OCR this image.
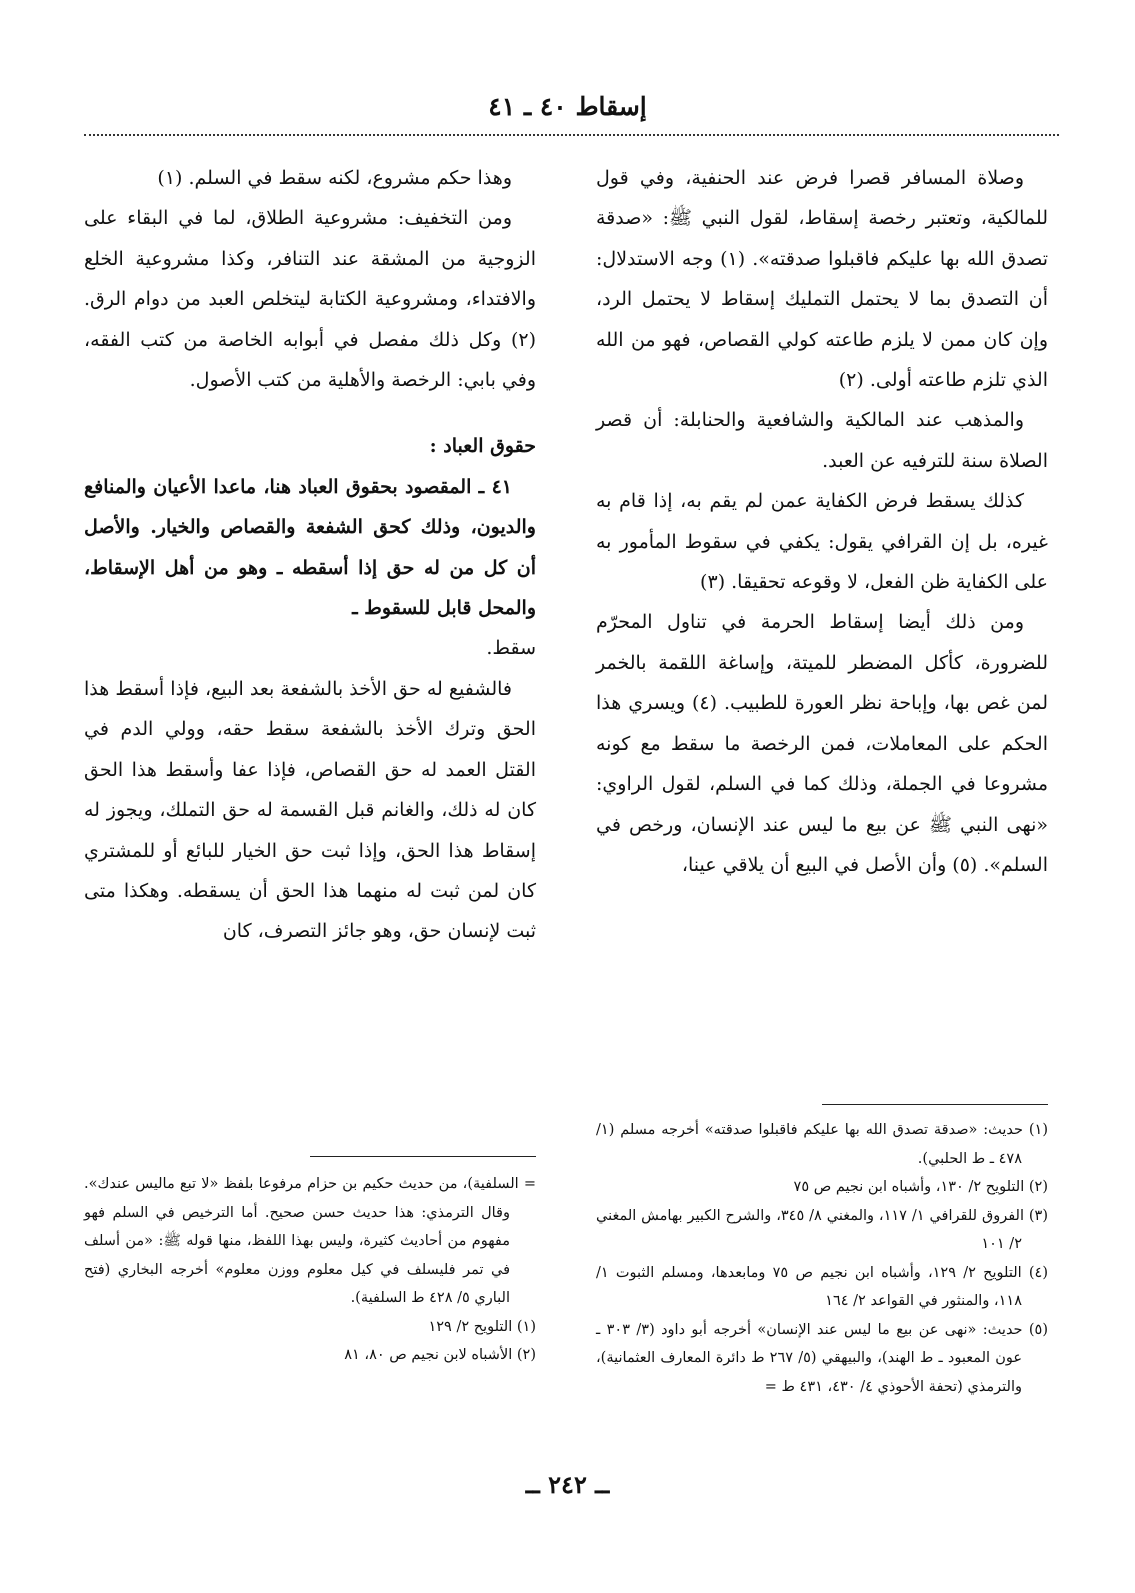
إسقاط ٤٠ ـ ٤١

وصلاة المسافر قصرا فرض عند الحنفية، وفي قول للمالكية، وتعتبر رخصة إسقاط، لقول النبي ﷺ: «صدقة تصدق الله بها عليكم فاقبلوا صدقته». (١) وجه الاستدلال: أن التصدق بما لا يحتمل التمليك إسقاط لا يحتمل الرد، وإن كان ممن لا يلزم طاعته كولي القصاص، فهو من الله الذي تلزم طاعته أولى. (٢)

والمذهب عند المالكية والشافعية والحنابلة: أن قصر الصلاة سنة للترفيه عن العبد.

كذلك يسقط فرض الكفاية عمن لم يقم به، إذا قام به غيره، بل إن القرافي يقول: يكفي في سقوط المأمور به على الكفاية ظن الفعل، لا وقوعه تحقيقا. (٣)

ومن ذلك أيضا إسقاط الحرمة في تناول المحرّم للضرورة، كأكل المضطر للميتة، وإساغة اللقمة بالخمر لمن غص بها، وإباحة نظر العورة للطبيب. (٤) ويسري هذا الحكم على المعاملات، فمن الرخصة ما سقط مع كونه مشروعا في الجملة، وذلك كما في السلم، لقول الراوي: «نهى النبي ﷺ عن بيع ما ليس عند الإنسان، ورخص في السلم». (٥) وأن الأصل في البيع أن يلاقي عينا،

وهذا حكم مشروع، لكنه سقط في السلم. (١)

ومن التخفيف: مشروعية الطلاق، لما في البقاء على الزوجية من المشقة عند التنافر، وكذا مشروعية الخلع والافتداء، ومشروعية الكتابة ليتخلص العبد من دوام الرق. (٢) وكل ذلك مفصل في أبوابه الخاصة من كتب الفقه، وفي بابي: الرخصة والأهلية من كتب الأصول.

حقوق العباد :

٤١ ـ المقصود بحقوق العباد هنا، ماعدا الأعيان والمنافع والديون، وذلك كحق الشفعة والقصاص والخيار. والأصل أن كل من له حق إذا أسقطه ـ وهو من أهل الإسقاط، والمحل قابل للسقوط ـ

سقط.

فالشفيع له حق الأخذ بالشفعة بعد البيع، فإذا أسقط هذا الحق وترك الأخذ بالشفعة سقط حقه، وولي الدم في القتل العمد له حق القصاص، فإذا عفا وأسقط هذا الحق كان له ذلك، والغانم قبل القسمة له حق التملك، ويجوز له إسقاط هذا الحق، وإذا ثبت حق الخيار للبائع أو للمشتري كان لمن ثبت له منهما هذا الحق أن يسقطه. وهكذا متى ثبت لإنسان حق، وهو جائز التصرف، كان

(١) حديث: «صدقة تصدق الله بها عليكم فاقبلوا صدقته» أخرجه مسلم (١/ ٤٧٨ ـ ط الحلبي).
(٢) التلويح ٢/ ١٣٠، وأشباه ابن نجيم ص ٧٥
(٣) الفروق للقرافي ١/ ١١٧، والمغني ٨/ ٣٤٥، والشرح الكبير بهامش المغني ٢/ ١٠١
(٤) التلويح ٢/ ١٢٩، وأشباه ابن نجيم ص ٧٥ ومابعدها، ومسلم الثبوت ١/ ١١٨، والمنثور في القواعد ٢/ ١٦٤
(٥) حديث: «نهى عن بيع ما ليس عند الإنسان» أخرجه أبو داود (٣/ ٣٠٣ ـ عون المعبود ـ ط الهند)، والبيهقي (٥/ ٢٦٧ ط دائرة المعارف العثمانية)، والترمذي (تحفة الأحوذي ٤/ ٤٣٠، ٤٣١ ط =
= السلفية)، من حديث حكيم بن حزام مرفوعا بلفظ «لا تبع ماليس عندك». وقال الترمذي: هذا حديث حسن صحيح. أما الترخيص في السلم فهو مفهوم من أحاديث كثيرة، وليس بهذا اللفظ، منها قوله ﷺ: «من أسلف في تمر فليسلف في كيل معلوم ووزن معلوم» أخرجه البخاري (فتح الباري ٥/ ٤٢٨ ط السلفية).
(١) التلويح ٢/ ١٢٩
(٢) الأشباه لابن نجيم ص ٨٠، ٨١
ــ ٢٤٢ ــ
